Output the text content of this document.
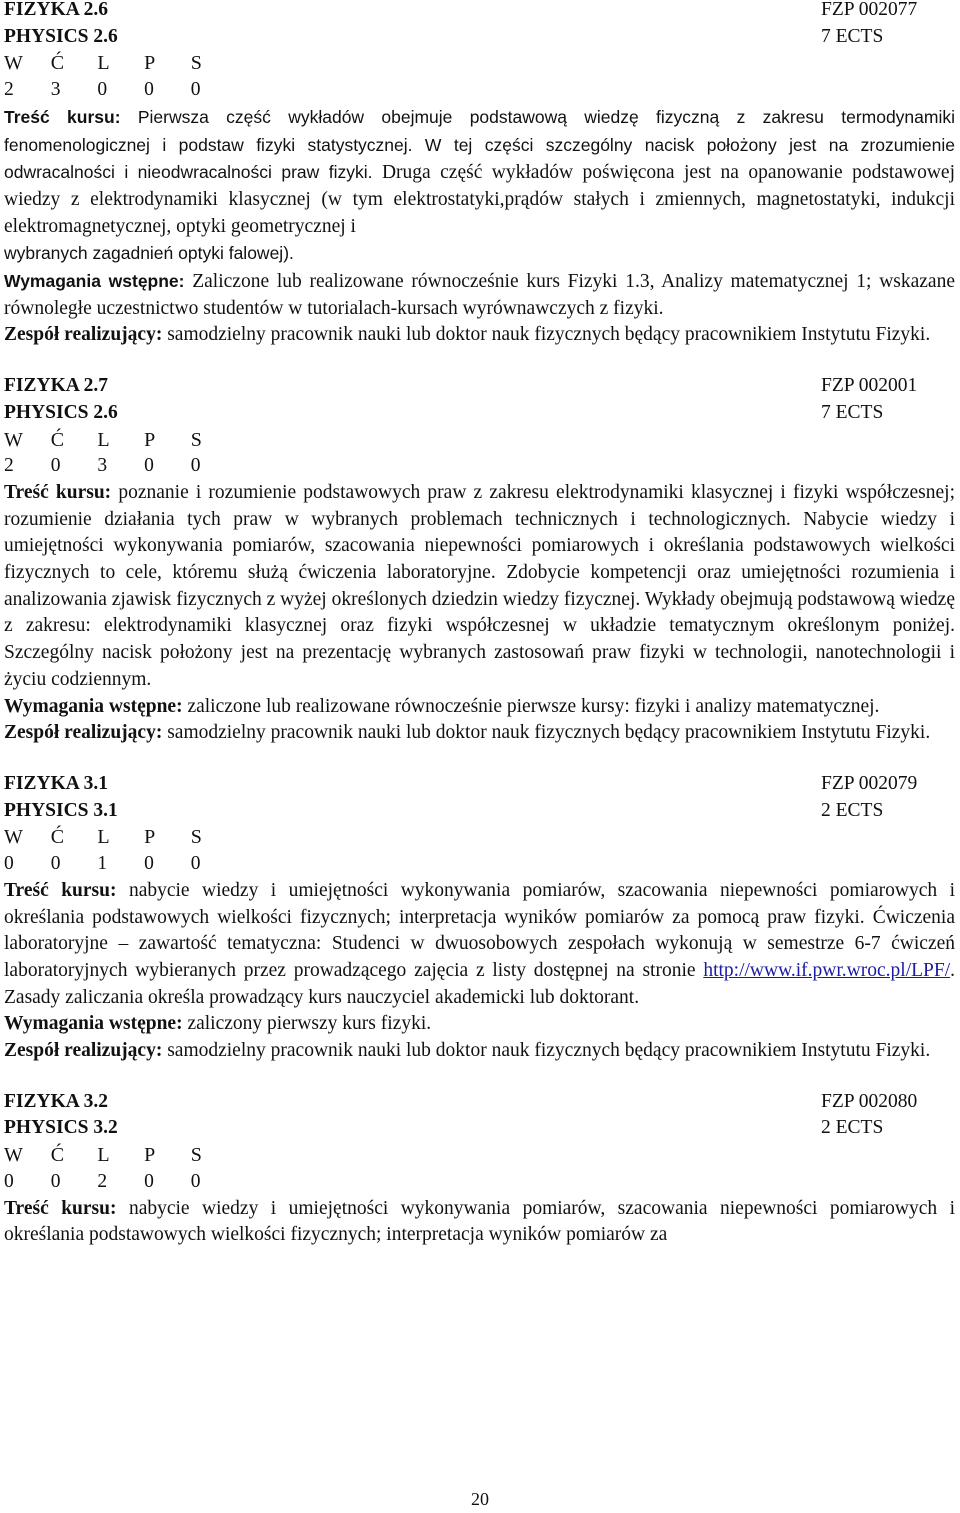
FIZYKA 2.6	FZP 002077
PHYSICS 2.6	7 ECTS
W	Ć	L	P	S
2	3	0	0	0

Treść kursu: Pierwsza część wykładów obejmuje podstawową wiedzę fizyczną z zakresu termodynamiki fenomenologicznej i podstaw fizyki statystycznej. W tej części szczególny nacisk położony jest na zrozumienie odwracalności i nieodwracalności praw fizyki. Druga część wykładów poświęcona jest na opanowanie podstawowej wiedzy z elektrodynamiki klasycznej (w tym elektrostatyki,prądów stałych i zmiennych, magnetostatyki, indukcji elektromagnetycznej, optyki geometrycznej i

wybranych zagadnień optyki falowej).

Wymagania wstępne: Zaliczone lub realizowane równocześnie kurs Fizyki 1.3, Analizy matematycznej 1; wskazane równoległe uczestnictwo studentów w tutorialach-kursach wyrównawczych z fizyki.

Zespół realizujący: samodzielny pracownik nauki lub doktor nauk fizycznych będący pracownikiem Instytutu Fizyki.

FIZYKA 2.7	FZP 002001
PHYSICS 2.6	7 ECTS
W	Ć	L	P	S
2	0	3	0	0

Treść kursu: poznanie i rozumienie podstawowych praw z zakresu elektrodynamiki klasycznej i fizyki współczesnej; rozumienie działania tych praw w wybranych problemach technicznych i technologicznych. Nabycie wiedzy i umiejętności wykonywania pomiarów, szacowania niepewności pomiarowych i określania podstawowych wielkości fizycznych to cele, któremu służą ćwiczenia laboratoryjne. Zdobycie kompetencji oraz umiejętności rozumienia i analizowania zjawisk fizycznych z wyżej określonych dziedzin wiedzy fizycznej. Wykłady obejmują podstawową wiedzę z zakresu: elektrodynamiki klasycznej oraz fizyki współczesnej w układzie tematycznym określonym poniżej. Szczególny nacisk położony jest na prezentację wybranych zastosowań praw fizyki w technologii, nanotechnologii i życiu codziennym.

Wymagania wstępne: zaliczone lub realizowane równocześnie pierwsze kursy: fizyki i analizy matematycznej.

Zespół realizujący: samodzielny pracownik nauki lub doktor nauk fizycznych będący pracownikiem Instytutu Fizyki.

FIZYKA 3.1	FZP 002079
PHYSICS 3.1	2 ECTS
W	Ć	L	P	S
0	0	1	0	0

Treść kursu: nabycie wiedzy i umiejętności wykonywania pomiarów, szacowania niepewności pomiarowych i określania podstawowych wielkości fizycznych; interpretacja wyników pomiarów za pomocą praw fizyki. Ćwiczenia laboratoryjne – zawartość tematyczna: Studenci w dwuosobowych zespołach wykonują w semestrze 6-7 ćwiczeń laboratoryjnych wybieranych przez prowadzącego zajęcia z listy dostępnej na stronie http://www.if.pwr.wroc.pl/LPF/. Zasady zaliczania określa prowadzący kurs nauczyciel akademicki lub doktorant.

Wymagania wstępne: zaliczony pierwszy kurs fizyki.

Zespół realizujący: samodzielny pracownik nauki lub doktor nauk fizycznych będący pracownikiem Instytutu Fizyki.

FIZYKA 3.2	FZP 002080
PHYSICS 3.2	2 ECTS
W	Ć	L	P	S
0	0	2	0	0

Treść kursu: nabycie wiedzy i umiejętności wykonywania pomiarów, szacowania niepewności pomiarowych i określania podstawowych wielkości fizycznych; interpretacja wyników pomiarów za

20
